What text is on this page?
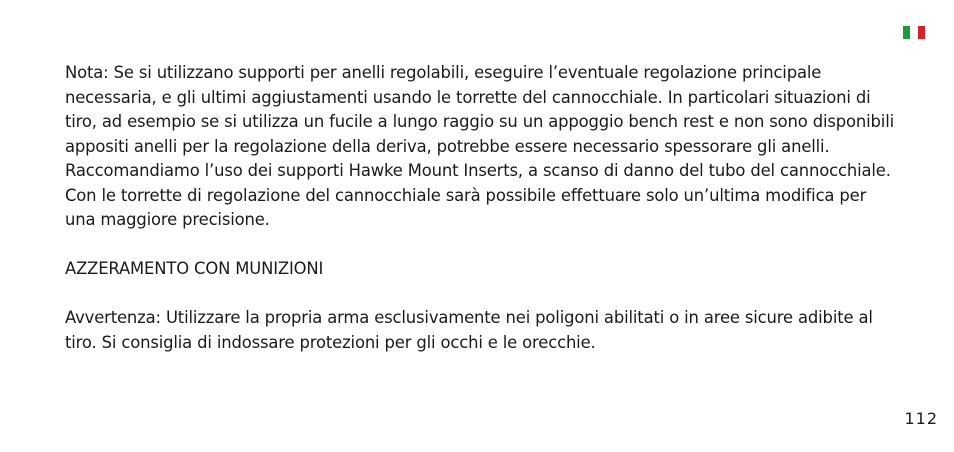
Nota: Se si utilizzano supporti per anelli regolabili, eseguire l’eventuale regolazione principale necessaria, e gli ultimi aggiustamenti usando le torrette del cannocchiale. In particolari situazioni di tiro, ad esempio se si utilizza un fucile a lungo raggio su un appoggio bench rest e non sono disponibili appositi anelli per la regolazione della deriva, potrebbe essere necessario spessorare gli anelli. Raccomandiamo l’uso dei supporti Hawke Mount Inserts, a scanso di danno del tubo del cannocchiale. Con le torrette di regolazione del cannocchiale sarà possibile effettuare solo un’ultima modifica per una maggiore precisione.

AZZERAMENTO CON MUNIZIONI

Avvertenza: Utilizzare la propria arma esclusivamente nei poligoni abilitati o in aree sicure adibite al tiro. Si consiglia di indossare protezioni per gli occhi e le orecchie.

112
